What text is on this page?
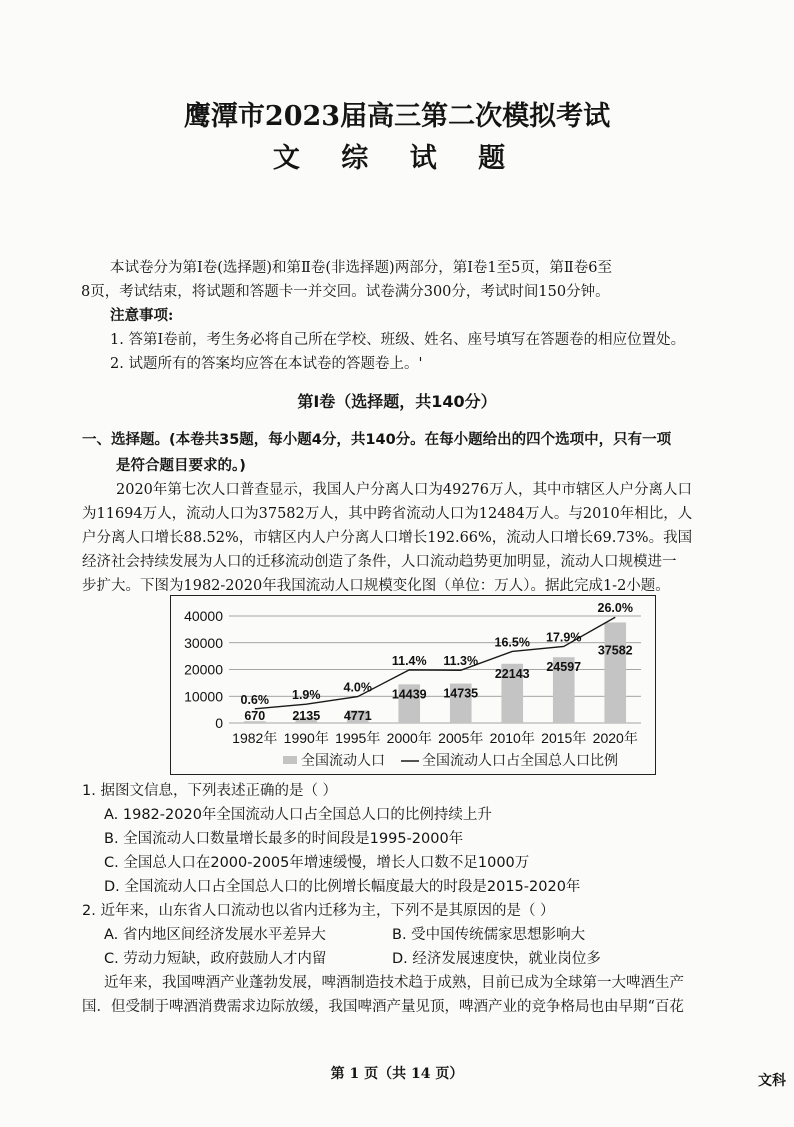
鹰潭市2023届高三第二次模拟考试
文 综 试 题
本试卷分为第Ⅰ卷(选择题)和第Ⅱ卷(非选择题)两部分，第Ⅰ卷1至5页，第Ⅱ卷6至
8页，考试结束，将试题和答题卡一并交回。试卷满分300分，考试时间150分钟。
注意事项:
1. 答第Ⅰ卷前，考生务必将自己所在学校、班级、姓名、座号填写在答题卷的相应位置处。
2. 试题所有的答案均应答在本试卷的答题卷上。'
第Ⅰ卷（选择题，共140分）
一、选择题。(本卷共35题，每小题4分，共140分。在每小题给出的四个选项中，只有一项
是符合题目要求的。)
2020年第七次人口普查显示，我国人户分离人口为49276万人，其中市辖区人户分离人口
为11694万人，流动人口为37582万人，其中跨省流动人口为12484万人。与2010年相比，人
户分离人口增长88.52%，市辖区内人户分离人口增长192.66%，流动人口增长69.73%。我国
经济社会持续发展为人口的迁移流动创造了条件，人口流动趋势更加明显，流动人口规模进一
步扩大。下图为1982-2020年我国流动人口规模变化图（单位：万人）。据此完成1-2小题。
0
10000
20000
30000
40000
0.6% 1.9%
4.0%
11.4% 11.3%
16.5% 17.9%
26.0%
670 2135 4771
14439 14735
22143 24597
37582
1982年 1990年 1995年 2000年 2005年 2010年 2015年 2020年
全国流动人口	全国流动人口占全国总人口比例
1. 据图文信息，下列表述正确的是（ ）
A. 1982-2020年全国流动人口占全国总人口的比例持续上升
B. 全国流动人口数量增长最多的时间段是1995-2000年
C. 全国总人口在2000-2005年增速缓慢，增长人口数不足1000万
D. 全国流动人口占全国总人口的比例增长幅度最大的时段是2015-2020年
2. 近年来，山东省人口流动也以省内迁移为主，下列不是其原因的是（ ）
A. 省内地区间经济发展水平差异大	B. 受中国传统儒家思想影响大
C. 劳动力短缺，政府鼓励人才内留	D. 经济发展速度快，就业岗位多
近年来，我国啤酒产业蓬勃发展，啤酒制造技术趋于成熟，目前已成为全球第一大啤酒生产
国．但受制于啤酒消费需求边际放缓，我国啤酒产量见顶，啤酒产业的竞争格局也由早期“百花
第 1 页（共 14 页）	文科
